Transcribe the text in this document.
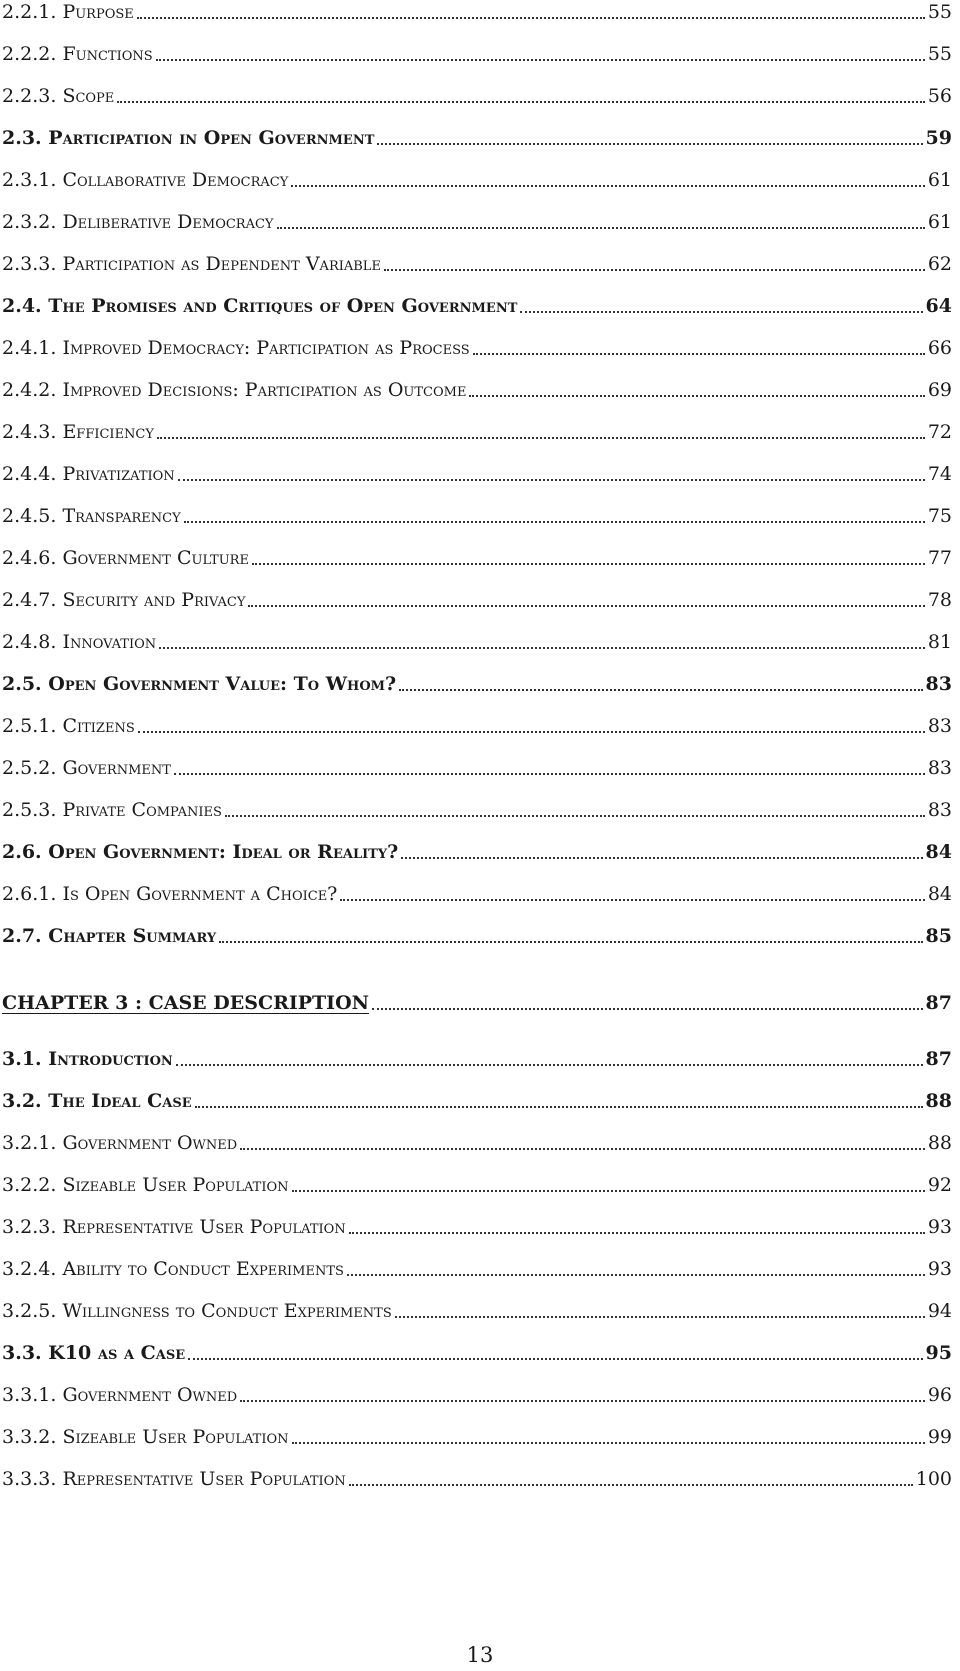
2.2.1. Purpose	55
2.2.2. Functions	55
2.2.3. Scope	56
2.3. Participation in Open Government	59
2.3.1. Collaborative Democracy	61
2.3.2. Deliberative Democracy	61
2.3.3. Participation as Dependent Variable	62
2.4. The Promises and Critiques of Open Government	64
2.4.1. Improved Democracy: Participation as Process	66
2.4.2. Improved Decisions: Participation as Outcome	69
2.4.3. Efficiency	72
2.4.4. Privatization	74
2.4.5. Transparency	75
2.4.6. Government Culture	77
2.4.7. Security and Privacy	78
2.4.8. Innovation	81
2.5. Open Government Value: To Whom?	83
2.5.1. Citizens	83
2.5.2. Government	83
2.5.3. Private Companies	83
2.6. Open Government: Ideal or Reality?	84
2.6.1. Is Open Government a Choice?	84
2.7. Chapter Summary	85
CHAPTER 3 : CASE DESCRIPTION	87
3.1. Introduction	87
3.2. The Ideal Case	88
3.2.1. Government Owned	88
3.2.2. Sizeable User Population	92
3.2.3. Representative User Population	93
3.2.4. Ability to Conduct Experiments	93
3.2.5. Willingness to Conduct Experiments	94
3.3. K10 as a Case	95
3.3.1. Government Owned	96
3.3.2. Sizeable User Population	99
3.3.3. Representative User Population	100
13
